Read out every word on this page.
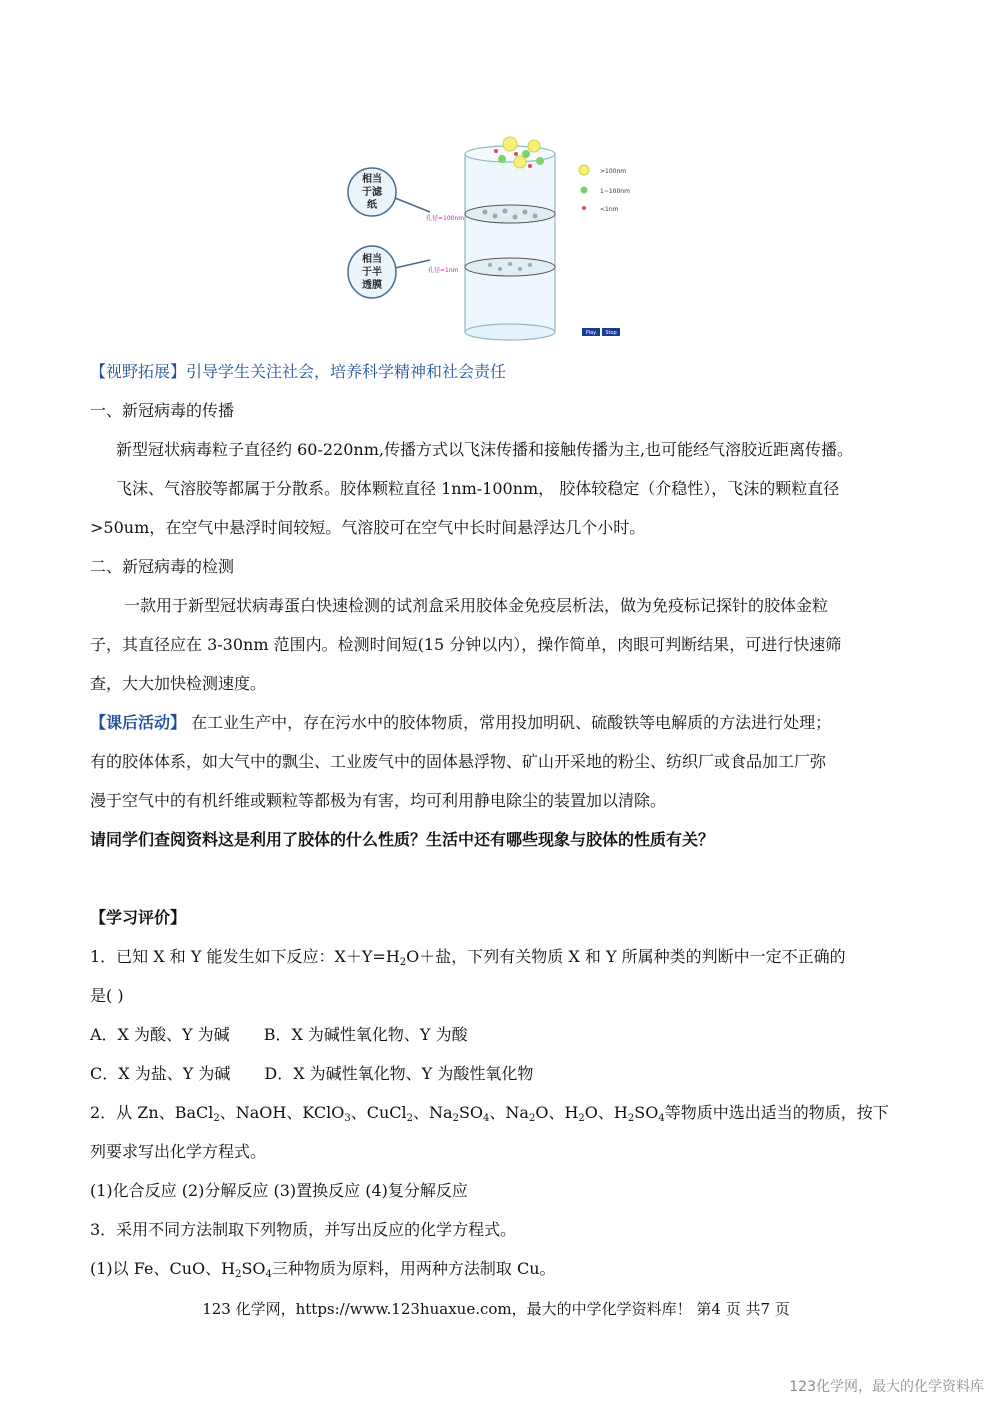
相当于滤纸
相当于半透膜
孔径=100nm
孔径=1nm
>100nm
1~100nm
<1nm
Play Stop
【视野拓展】引导学生关注社会，培养科学精神和社会责任
一、新冠病毒的传播
新型冠状病毒粒子直径约 60-220nm,传播方式以飞沫传播和接触传播为主,也可能经气溶胶近距离传播。
飞沫、气溶胶等都属于分散系。胶体颗粒直径 1nm-100nm， 胶体较稳定（介稳性），飞沫的颗粒直径
>50um，在空气中悬浮时间较短。气溶胶可在空气中长时间悬浮达几个小时。
二、新冠病毒的检测
一款用于新型冠状病毒蛋白快速检测的试剂盒采用胶体金免疫层析法，做为免疫标记探针的胶体金粒
子，其直径应在 3-30nm 范围内。检测时间短(15 分钟以内），操作简单，肉眼可判断结果，可进行快速筛
查，大大加快检测速度。
【课后活动】 在工业生产中，存在污水中的胶体物质，常用投加明矾、硫酸铁等电解质的方法进行处理；
有的胶体体系，如大气中的飘尘、工业废气中的固体悬浮物、矿山开采地的粉尘、纺织厂或食品加工厂弥
漫于空气中的有机纤维或颗粒等都极为有害，均可利用静电除尘的装置加以清除。
请同学们查阅资料这是利用了胶体的什么性质？生活中还有哪些现象与胶体的性质有关？
【学习评价】
1．已知 X 和 Y 能发生如下反应：$X+Y=H_2O+$盐，下列有关物质 X 和 Y 所属种类的判断中一定不正确的
是( )
A．X 为酸、Y 为碱 B．X 为碱性氧化物、Y 为酸
C．X 为盐、Y 为碱 D．X 为碱性氧化物、Y 为酸性氧化物
2．从 Zn、BaCl$_2$、NaOH、KClO$_3$、CuCl$_2$、$Na_2SO_4$、$Na_2O$、$H_2O$、$H_2SO_4$等物质中选出适当的物质，按下
列要求写出化学方程式。
(1)化合反应 (2)分解反应 (3)置换反应 (4)复分解反应
3．采用不同方法制取下列物质，并写出反应的化学方程式。
(1)以 Fe、CuO、$H_2SO_4$三种物质为原料，用两种方法制取 Cu。
123 化学网，https://www.123huaxue.com，最大的中学化学资料库！ 第4 页 共7 页
123化学网，最大的化学资料库
